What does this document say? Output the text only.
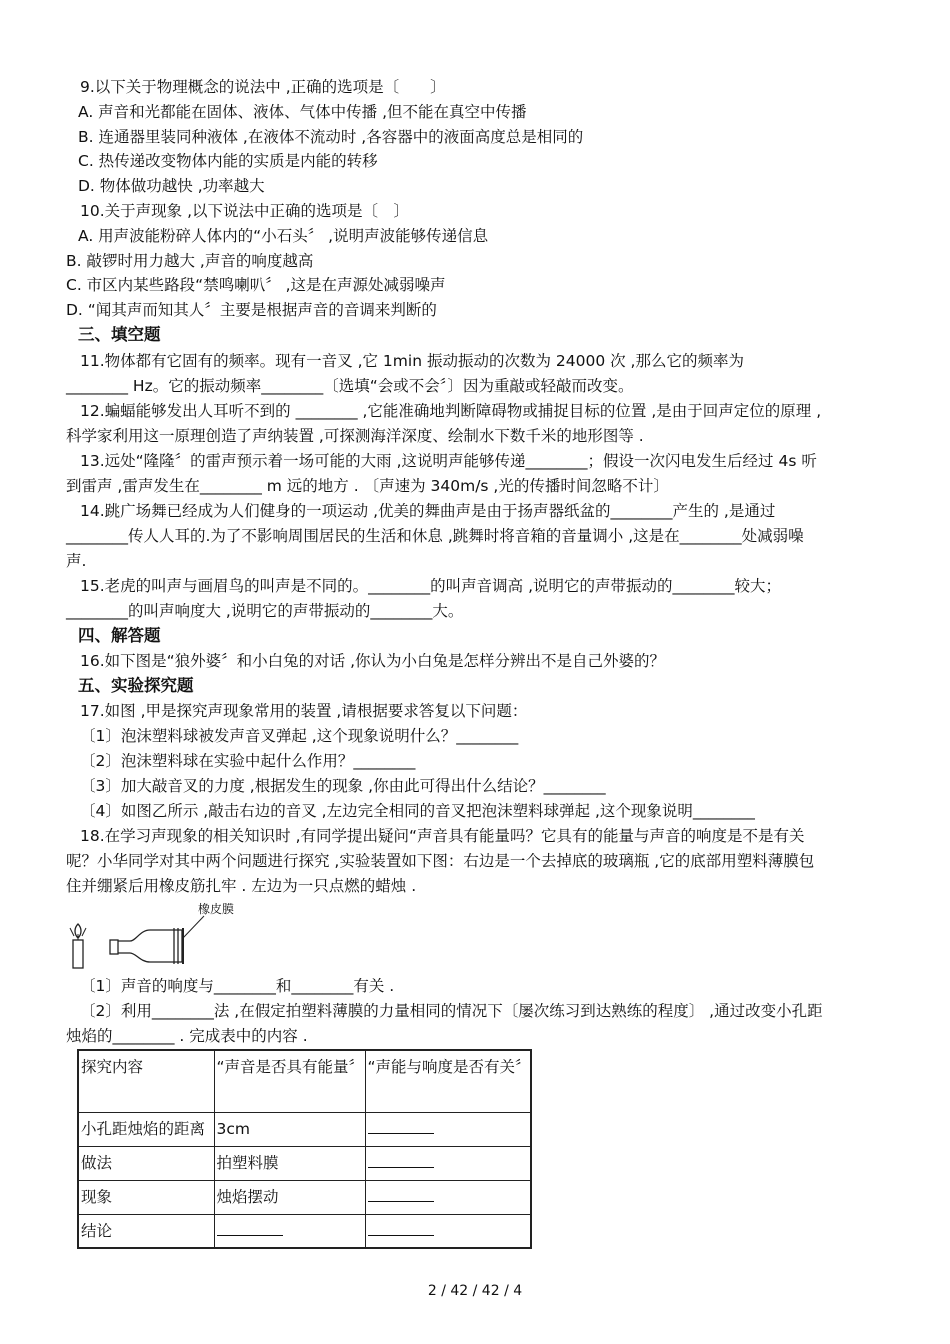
9.以下关于物理概念的说法中 ,正确的选项是〔　　〕
A. 声音和光都能在固体、液体、气体中传播 ,但不能在真空中传播
B. 连通器里装同种液体 ,在液体不流动时 ,各容器中的液面高度总是相同的
C. 热传递改变物体内能的实质是内能的转移
D. 物体做功越快 ,功率越大
10.关于声现象 ,以下说法中正确的选项是〔　〕
A. 用声波能粉碎人体内的“小石头〞 ,说明声波能够传递信息
B. 敲锣时用力越大 ,声音的响度越高
C. 市区内某些路段“禁鸣喇叭〞 ,这是在声源处减弱噪声
D. “闻其声而知其人〞主要是根据声音的音调来判断的
三、填空题
11.物体都有它固有的频率。现有一音叉 ,它 1min 振动振动的次数为 24000 次 ,那么它的频率为
________ Hz。它的振动频率________〔选填“会或不会〞〕因为重敲或轻敲而改变。
12.蝙蝠能够发出人耳听不到的 ________ ,它能准确地判断障碍物或捕捉目标的位置 ,是由于回声定位的原理 ,
科学家利用这一原理创造了声纳装置 ,可探测海洋深度、绘制水下数千米的地形图等 .
13.远处“隆隆〞的雷声预示着一场可能的大雨 ,这说明声能够传递________；假设一次闪电发生后经过 4s 听
到雷声 ,雷声发生在________ m 远的地方 . 〔声速为 340m/s ,光的传播时间忽略不计〕
14.跳广场舞已经成为人们健身的一项运动 ,优美的舞曲声是由于扬声器纸盆的________产生的 ,是通过
________传人人耳的.为了不影响周围居民的生活和休息 ,跳舞时将音箱的音量调小 ,这是在________处减弱噪
声.
15.老虎的叫声与画眉鸟的叫声是不同的。________的叫声音调高 ,说明它的声带振动的________较大；
________的叫声响度大 ,说明它的声带振动的________大。
四、解答题
16.如下图是“狼外婆〞和小白兔的对话 ,你认为小白兔是怎样分辨出不是自己外婆的？
五、实验探究题
17.如图 ,甲是探究声现象常用的装置 ,请根据要求答复以下问题：
〔1〕泡沫塑料球被发声音叉弹起 ,这个现象说明什么？________
〔2〕泡沫塑料球在实验中起什么作用？________
〔3〕加大敲音叉的力度 ,根据发生的现象 ,你由此可得出什么结论？________
〔4〕如图乙所示 ,敲击右边的音叉 ,左边完全相同的音叉把泡沫塑料球弹起 ,这个现象说明________
18.在学习声现象的相关知识时 ,有同学提出疑问“声音具有能量吗？它具有的能量与声音的响度是不是有关
呢？小华同学对其中两个问题进行探究 ,实验装置如下图：右边是一个去掉底的玻璃瓶 ,它的底部用塑料薄膜包
住并绷紧后用橡皮筋扎牢 . 左边为一只点燃的蜡烛 .
橡皮膜
〔1〕声音的响度与________和________有关 .
〔2〕利用________法 ,在假定拍塑料薄膜的力量相同的情况下〔屡次练习到达熟练的程度〕 ,通过改变小孔距
烛焰的________ . 完成表中的内容 .
探究内容	“声音是否具有能量〞	“声能与响度是否有关〞
小孔距烛焰的距离	3cm	
做法	拍塑料膜	
现象	烛焰摆动	
结论		
2 / 42 / 42 / 4
